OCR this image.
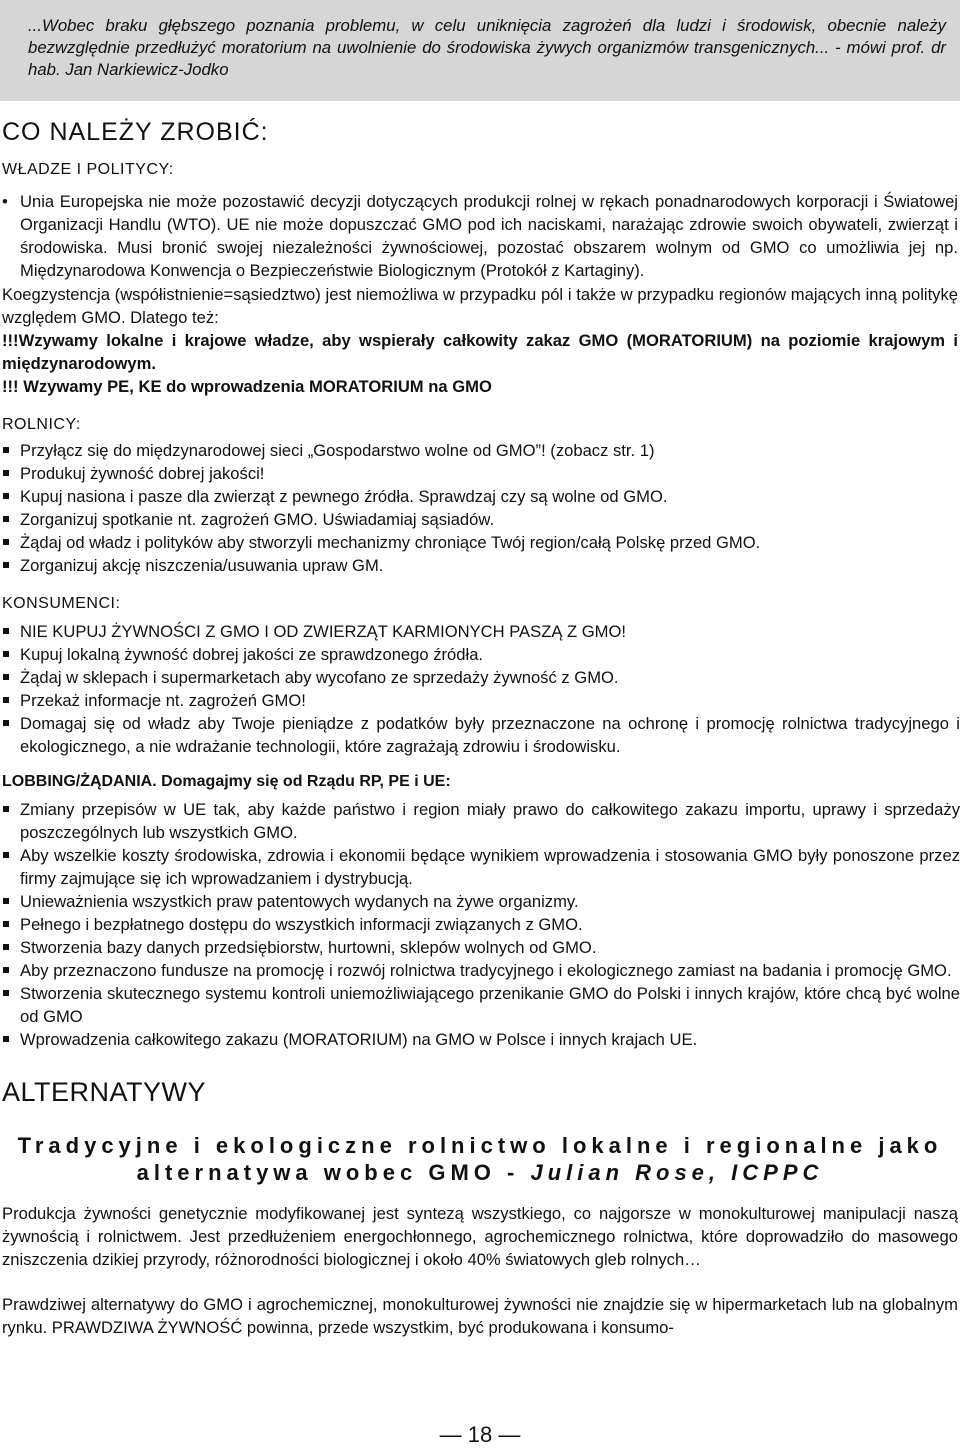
...Wobec braku głębszego poznania problemu, w celu uniknięcia zagrożeń dla ludzi i środowisk, obecnie należy bezwzględnie przedłużyć moratorium na uwolnienie do środowiska żywych organizmów transgenicznych... - mówi prof. dr hab. Jan Narkiewicz-Jodko
CO NALEŻY ZROBIĆ:
WŁADZE I POLITYCY:
• Unia Europejska nie może pozostawić decyzji dotyczących produkcji rolnej w rękach ponadnarodowych korporacji i Światowej Organizacji Handlu (WTO). UE nie może dopuszczać GMO pod ich naciskami, narażając zdrowie swoich obywateli, zwierząt i środowiska. Musi bronić swojej niezależności żywnościowej, pozostać obszarem wolnym od GMO co umożliwia jej np. Międzynarodowa Konwencja o Bezpieczeństwie Biologicznym (Protokół z Kartaginy).

Koegzystencja (współistnienie=sąsiedztwo) jest niemożliwa w przypadku pól i także w przypadku regionów mających inną politykę względem GMO. Dlatego też:

!!!Wzywamy lokalne i krajowe władze, aby wspierały całkowity zakaz GMO (MORATORIUM) na poziomie krajowym i międzynarodowym.

!!! Wzywamy PE, KE do wprowadzenia MORATORIUM na GMO

ROLNICY:
Przyłącz się do międzynarodowej sieci „Gospodarstwo wolne od GMO”! (zobacz str. 1)
Produkuj żywność dobrej jakości!
Kupuj nasiona i pasze dla zwierząt z pewnego źródła. Sprawdzaj czy są wolne od GMO.
Zorganizuj spotkanie nt. zagrożeń GMO. Uświadamiaj sąsiadów.
Żądaj od władz i polityków aby stworzyli mechanizmy chroniące Twój region/całą Polskę przed GMO.
Zorganizuj akcję niszczenia/usuwania upraw GM.
KONSUMENCI:
NIE KUPUJ ŻYWNOŚCI Z GMO I OD ZWIERZĄT KARMIONYCH PASZĄ Z GMO!
Kupuj lokalną żywność dobrej jakości ze sprawdzonego źródła.
Żądaj w sklepach i supermarketach aby wycofano ze sprzedaży żywność z GMO.
Przekaż informacje nt. zagrożeń GMO!
Domagaj się od władz aby Twoje pieniądze z podatków były przeznaczone na ochronę i promocję rolnictwa tradycyjnego i ekologicznego, a nie wdrażanie technologii, które zagrażają zdrowiu i środowisku.
LOBBING/ŻĄDANIA. Domagajmy się od Rządu RP, PE i UE:
Zmiany przepisów w UE tak, aby każde państwo i region miały prawo do całkowitego zakazu importu, uprawy i sprzedaży poszczególnych lub wszystkich GMO.
Aby wszelkie koszty środowiska, zdrowia i ekonomii będące wynikiem wprowadzenia i stosowania GMO były ponoszone przez firmy zajmujące się ich wprowadzaniem i dystrybucją.
Unieważnienia wszystkich praw patentowych wydanych na żywe organizmy.
Pełnego i bezpłatnego dostępu do wszystkich informacji związanych z GMO.
Stworzenia bazy danych przedsiębiorstw, hurtowni, sklepów wolnych od GMO.
Aby przeznaczono fundusze na promocję i rozwój rolnictwa tradycyjnego i ekologicznego zamiast na badania i promocję GMO.
Stworzenia skutecznego systemu kontroli uniemożliwiającego przenikanie GMO do Polski i innych krajów, które chcą być wolne od GMO
Wprowadzenia całkowitego zakazu (MORATORIUM) na GMO w Polsce i innych krajach UE.
ALTERNATYWY
Tradycyjne i ekologiczne rolnictwo lokalne i regionalne jako
alternatywa wobec GMO - Julian Rose, ICPPC

Produkcja żywności genetycznie modyfikowanej jest syntezą wszystkiego, co najgorsze w monokulturowej manipulacji naszą żywnością i rolnictwem. Jest przedłużeniem energochłonnego, agrochemicznego rolnictwa, które doprowadziło do masowego zniszczenia dzikiej przyrody, różnorodności biologicznej i około 40% światowych gleb rolnych…

Prawdziwej alternatywy do GMO i agrochemicznej, monokulturowej żywności nie znajdzie się w hipermarketach lub na globalnym rynku. PRAWDZIWA ŻYWNOŚĆ powinna, przede wszystkim, być produkowana i konsumo-

— 18 —
